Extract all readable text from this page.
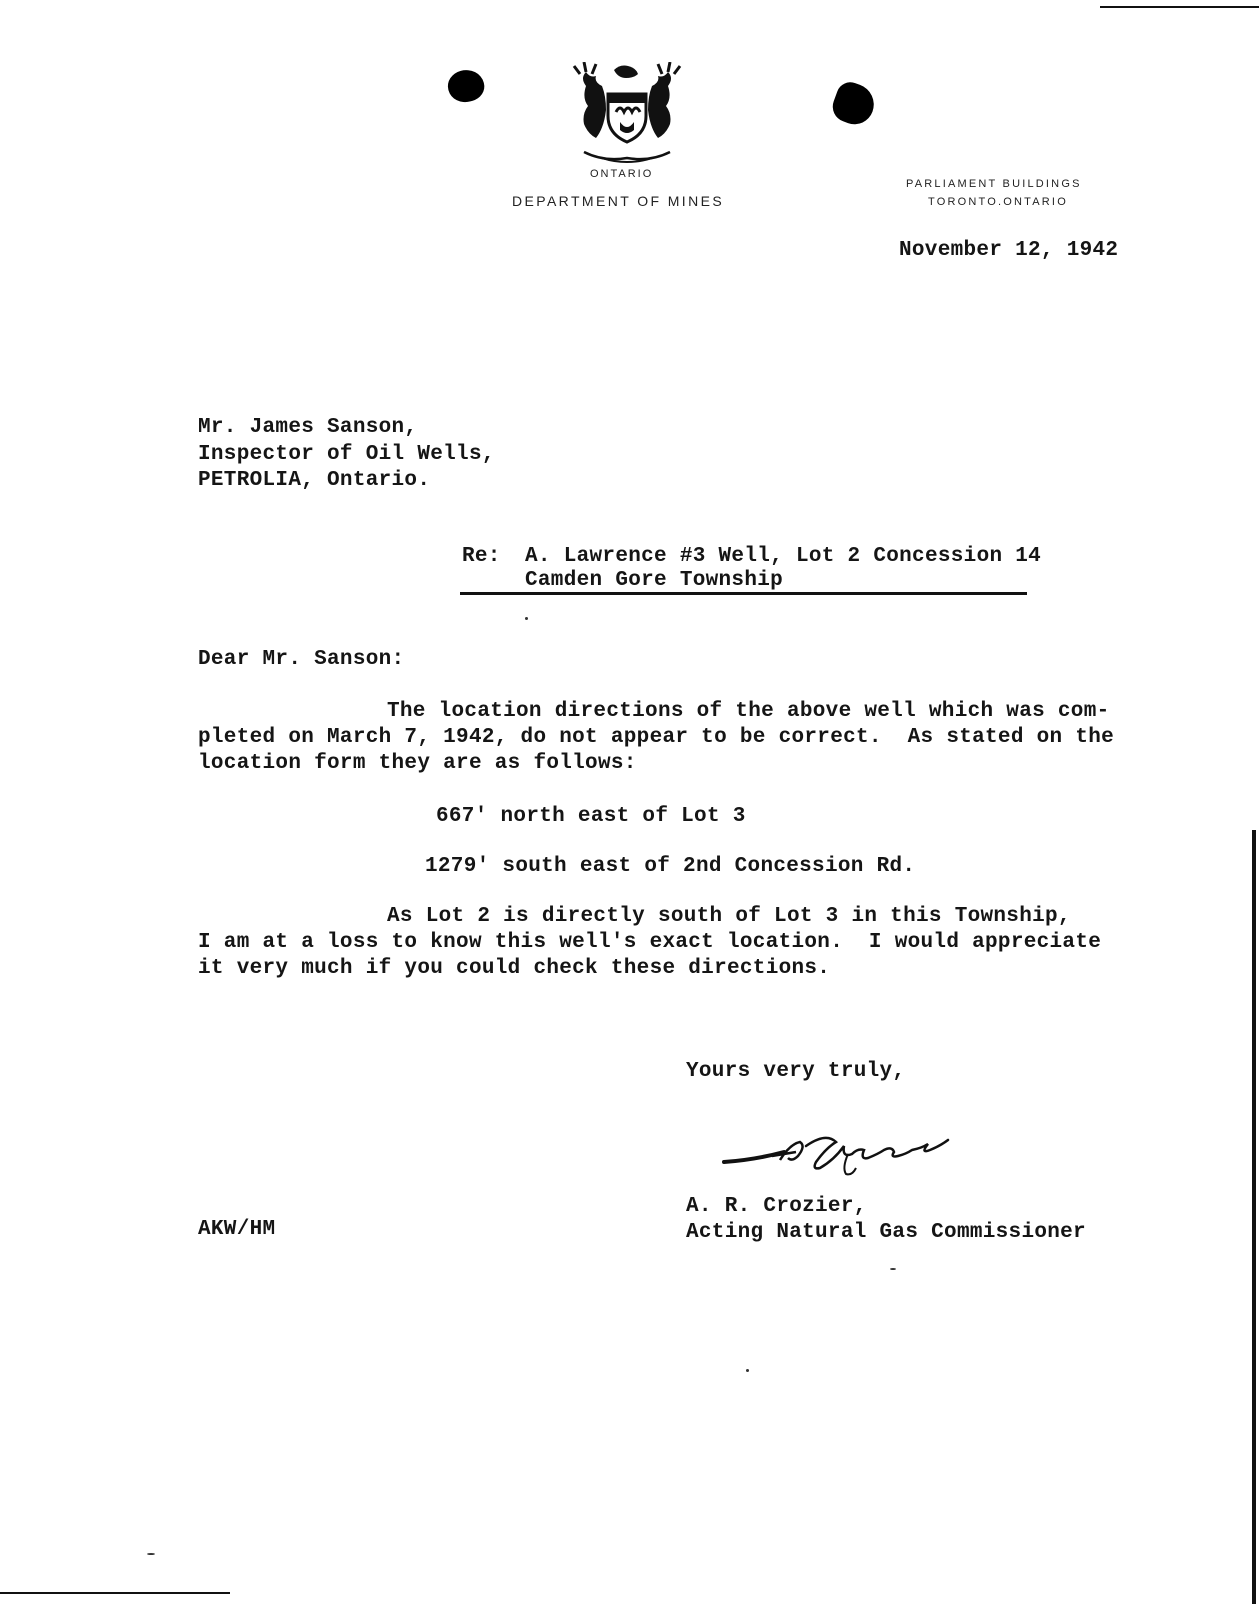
ONTARIO
DEPARTMENT OF MINES
PARLIAMENT BUILDINGS
TORONTO.ONTARIO
November 12, 1942
Mr. James Sanson,
Inspector of Oil Wells,
PETROLIA, Ontario.
Re: A. Lawrence #3 Well, Lot 2 Concession 14
Camden Gore Township
Dear Mr. Sanson:
The location directions of the above well which was com-
pleted on March 7, 1942, do not appear to be correct.  As stated on the
location form they are as follows:
667' north east of Lot 3
1279' south east of 2nd Concession Rd.
As Lot 2 is directly south of Lot 3 in this Township,
I am at a loss to know this well's exact location.  I would appreciate
it very much if you could check these directions.
Yours very truly,
A. R. Crozier,
Acting Natural Gas Commissioner
AKW/HM
